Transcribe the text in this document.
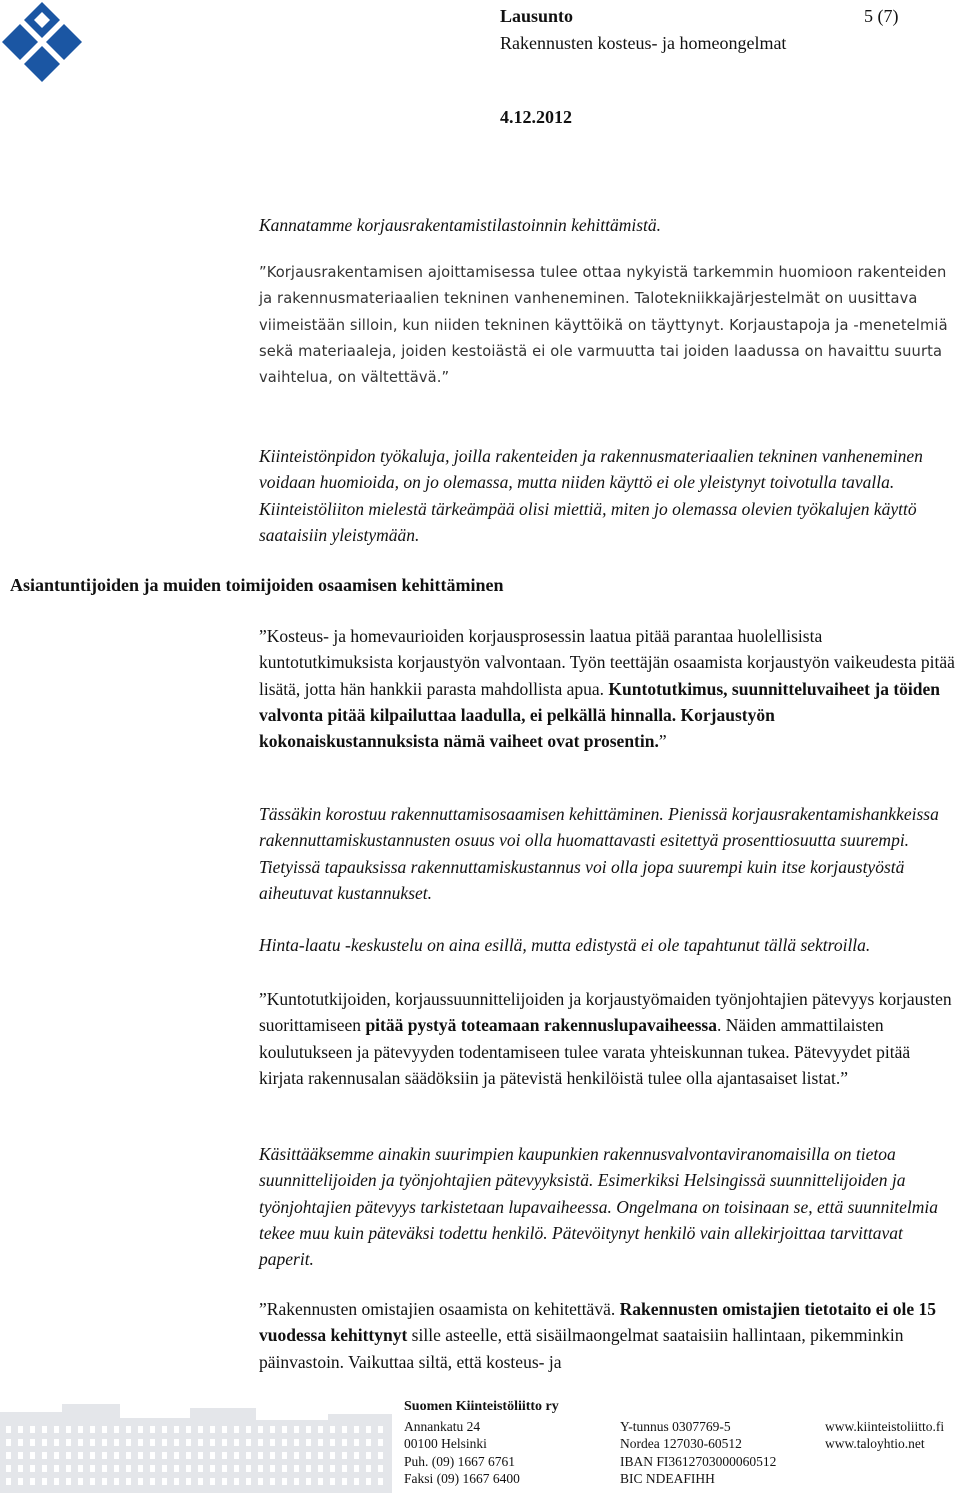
Lausunto
Rakennusten kosteus- ja homeongelmat
4.12.2012
5 (7)

Kannatamme korjausrakentamistilastoinnin kehittämistä.

”Korjausrakentamisen ajoittamisessa tulee ottaa nykyistä tarkemmin huomioon rakenteiden ja rakennusmateriaalien tekninen vanheneminen. Talotekniikkajärjestelmät on uusittava viimeistään silloin, kun niiden tekninen käyttöikä on täyttynyt. Korjaustapoja ja -menetelmiä sekä materiaaleja, joiden kestoiästä ei ole varmuutta tai joiden laadussa on havaittu suurta vaihtelua, on vältettävä.”

Kiinteistönpidon työkaluja, joilla rakenteiden ja rakennusmateriaalien tekninen vanheneminen voidaan huomioida, on jo olemassa, mutta niiden käyttö ei ole yleistynyt toivotulla tavalla. Kiinteistöliiton mielestä tärkeämpää olisi miettiä, miten jo olemassa olevien työkalujen käyttö saataisiin yleistymään.

Asiantuntijoiden ja muiden toimijoiden osaamisen kehittäminen

”Kosteus- ja homevaurioiden korjausprosessin laatua pitää parantaa huolellisista kuntotutkimuksista korjaustyön valvontaan. Työn teettäjän osaamista korjaustyön vaikeudesta pitää lisätä, jotta hän hankkii parasta mahdollista apua. Kuntotutkimus, suunnitteluvaiheet ja töiden valvonta pitää kilpailuttaa laadulla, ei pelkällä hinnalla. Korjaustyön kokonaiskustannuksista nämä vaiheet ovat prosentin.”

Tässäkin korostuu rakennuttamisosaamisen kehittäminen. Pienissä korjausrakentamishankkeissa rakennuttamiskustannusten osuus voi olla huomattavasti esitettyä prosenttiosuutta suurempi. Tietyissä tapauksissa rakennuttamiskustannus voi olla jopa suurempi kuin itse korjaustyöstä aiheutuvat kustannukset.

Hinta-laatu -keskustelu on aina esillä, mutta edistystä ei ole tapahtunut tällä sektroilla.

”Kuntotutkijoiden, korjaussuunnittelijoiden ja korjaustyömaiden työnjohtajien pätevyys korjausten suorittamiseen pitää pystyä toteamaan rakennuslupavaiheessa. Näiden ammattilaisten koulutukseen ja pätevyyden todentamiseen tulee varata yhteiskunnan tukea. Pätevyydet pitää kirjata rakennusalan säädöksiin ja pätevistä henkilöistä tulee olla ajantasaiset listat.”

Käsittääksemme ainakin suurimpien kaupunkien rakennusvalvontaviranomaisilla on tietoa suunnittelijoiden ja työnjohtajien pätevyyksistä. Esimerkiksi Helsingissä suunnittelijoiden ja työnjohtajien pätevyys tarkistetaan lupavaiheessa. Ongelmana on toisinaan se, että suunnitelmia tekee muu kuin päteväksi todettu henkilö. Pätevöitynyt henkilö vain allekirjoittaa tarvittavat paperit.

”Rakennusten omistajien osaamista on kehitettävä. Rakennusten omistajien tietotaito ei ole 15 vuodessa kehittynyt sille asteelle, että sisäilmaongelmat saataisiin hallintaan, pikemminkin päinvastoin. Vaikuttaa siltä, että kosteus- ja

Suomen Kiinteistöliitto ry
Annankatu 24
00100 Helsinki
Puh. (09) 1667 6761
Faksi (09) 1667 6400
Y-tunnus 0307769-5
Nordea 127030-60512
IBAN FI3612703000060512
BIC NDEAFIHH
www.kiinteistoliitto.fi
www.taloyhtio.net
